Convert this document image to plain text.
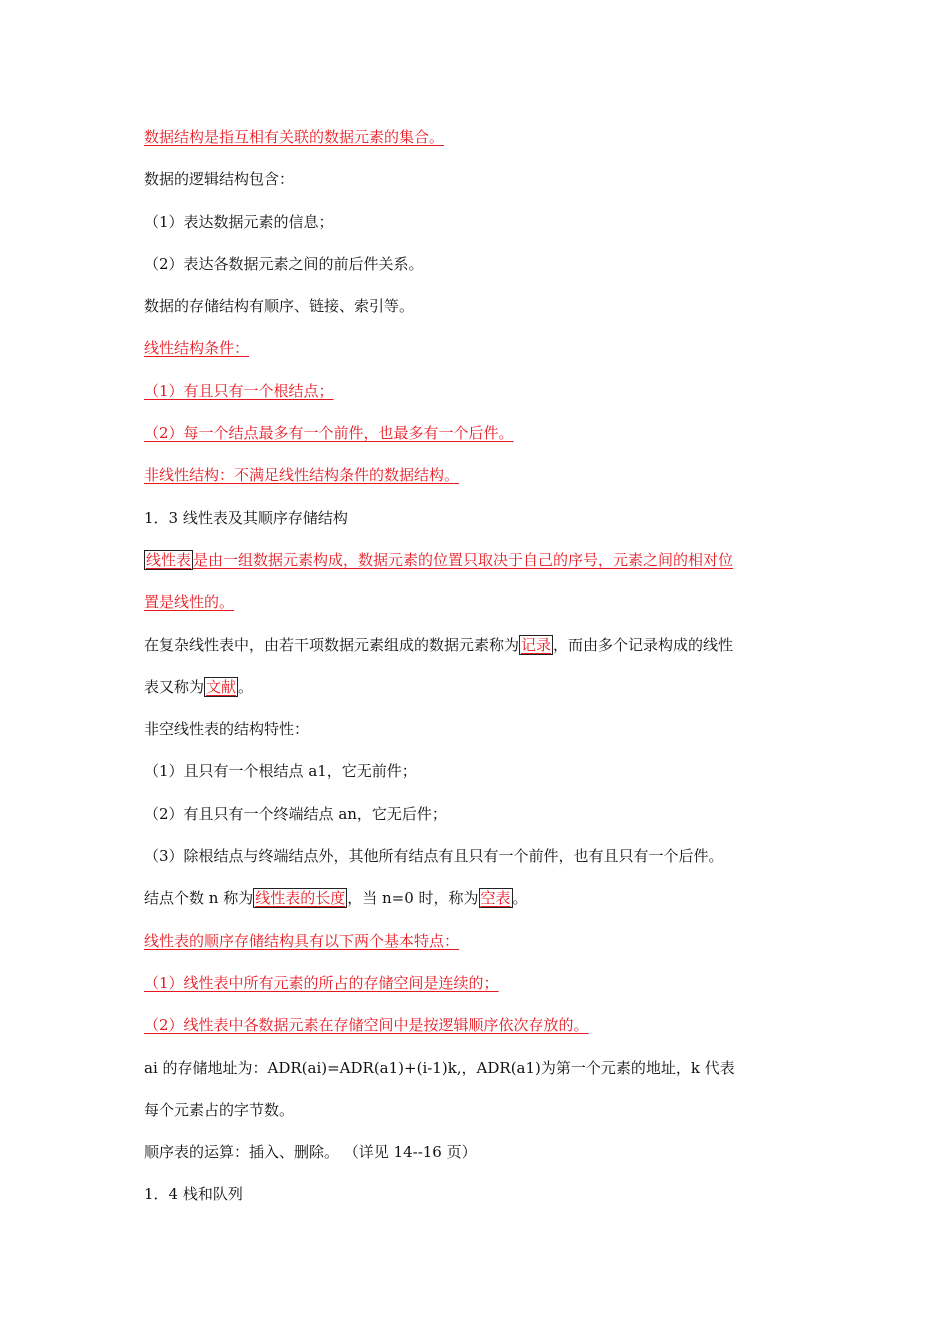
数据结构是指互相有关联的数据元素的集合。
数据的逻辑结构包含：
（1）表达数据元素的信息；
（2）表达各数据元素之间的前后件关系。
数据的存储结构有顺序、链接、索引等。
线性结构条件：
（1）有且只有一个根结点；
（2）每一个结点最多有一个前件，也最多有一个后件。
非线性结构：不满足线性结构条件的数据结构。
1．3 线性表及其顺序存储结构
线性表 是由一组数据元素构成，数据元素的位置只取决于自己的序号，元素之间的相对位
置是线性的。
在复杂线性表中，由若干项数据元素组成的数据元素称为 记录 ，而由多个记录构成的线性
表又称为 文献 。
非空线性表的结构特性：
（1）且只有一个根结点 a1，它无前件；
（2）有且只有一个终端结点 an，它无后件；
（3）除根结点与终端结点外，其他所有结点有且只有一个前件，也有且只有一个后件。
结点个数 n 称为 线性表的长度 ，当 n=0 时，称为 空表 。
线性表的顺序存储结构具有以下两个基本特点：
（1）线性表中所有元素的所占的存储空间是连续的；
（2）线性表中各数据元素在存储空间中是按逻辑顺序依次存放的。
ai 的存储地址为：ADR(ai)=ADR(a1)+(i-1)k,，ADR(a1)为第一个元素的地址，k 代表
每个元素占的字节数。
顺序表的运算：插入、删除。 （详见 14--16 页）
1．4 栈和队列
